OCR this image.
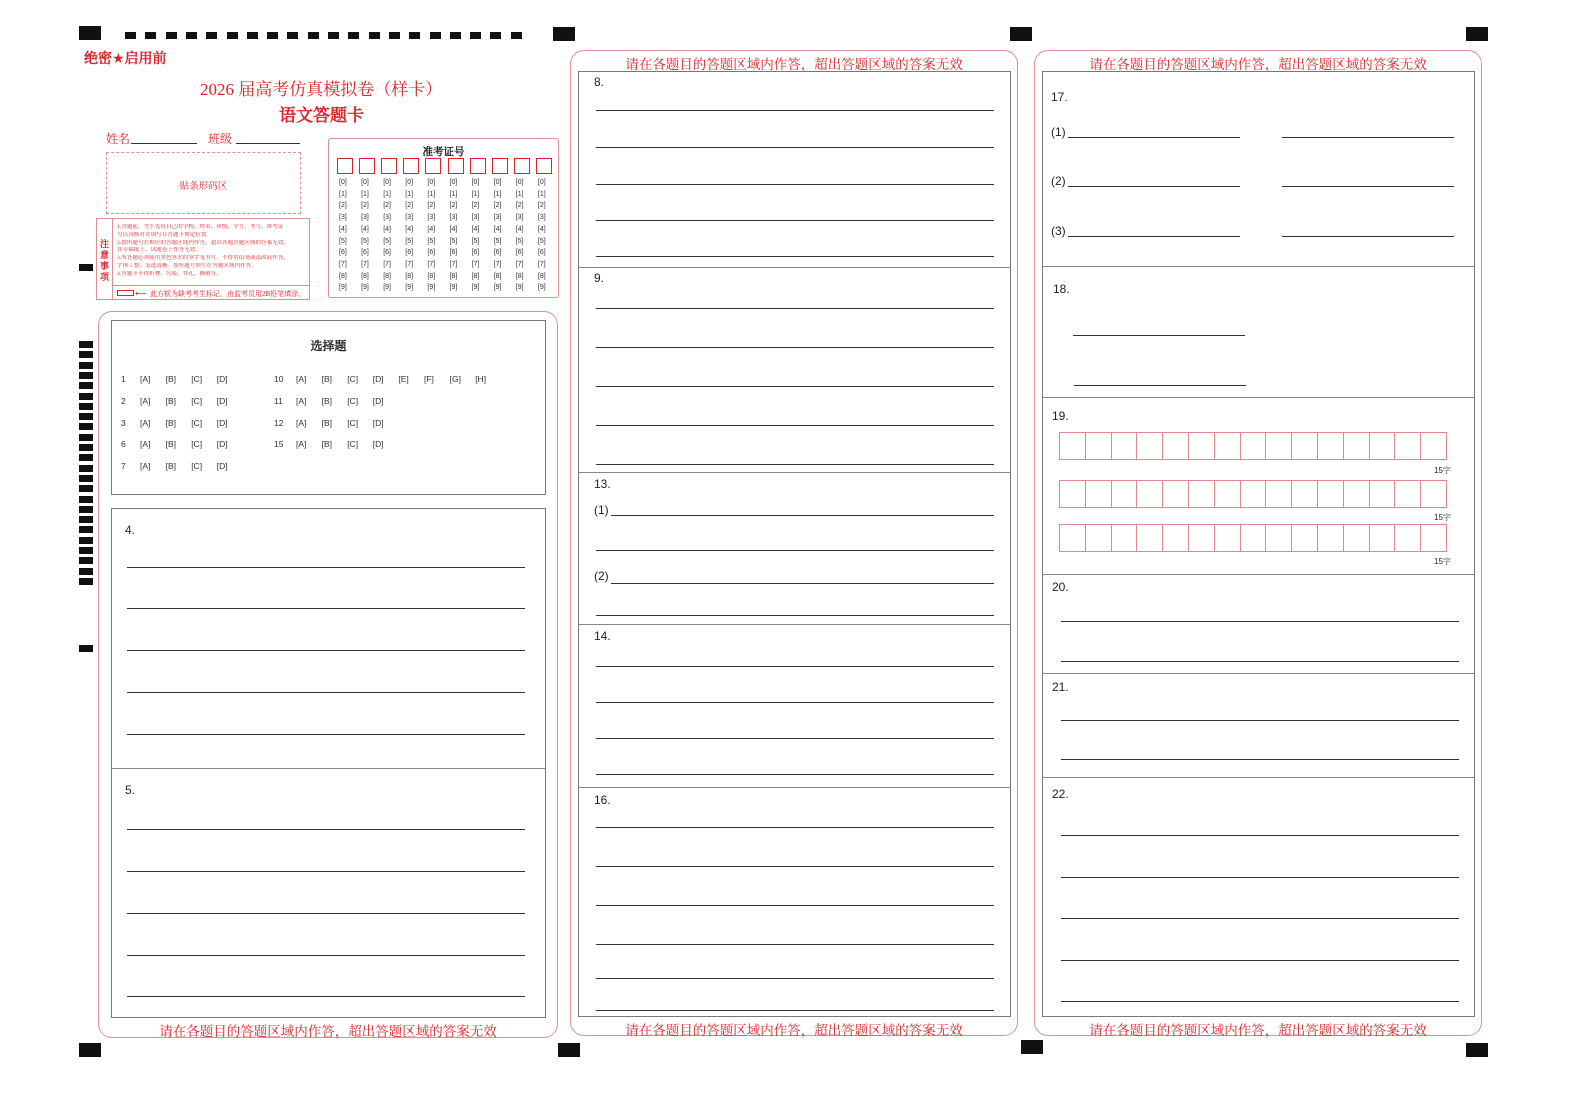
绝密★启用前
2026 届高考仿真模拟卷（样卡）
语文答题卡
姓名	班级
贴条形码区
注意事项
1.答题前，考生先将自己的学校、姓名、班级、学号、考号、准考证
号认真核对并填写在答题卡规定位置。
2.按所题号在相应的答题区域内作答，超出各题答题区域的答案无效，
在草稿纸上、试题卷上作答无效。
3.所答题必须使用黑色签水的签字笔书写，不得用铅笔或涂改液作答，
字体工整、笔迹清晰。按所题号填写在答题区域内作答。
4.答题卡不得折叠、污染、穿孔、撕破等。
⟵ 此方框为缺考考生标记，由监考员用2B铅笔填涂。
准考证号
[0]
[1]
[2]
[3]
[4]
[5]
[6]
[7]
[8]
[9]
[0]
[1]
[2]
[3]
[4]
[5]
[6]
[7]
[8]
[9]
[0]
[1]
[2]
[3]
[4]
[5]
[6]
[7]
[8]
[9]
[0]
[1]
[2]
[3]
[4]
[5]
[6]
[7]
[8]
[9]
[0]
[1]
[2]
[3]
[4]
[5]
[6]
[7]
[8]
[9]
[0]
[1]
[2]
[3]
[4]
[5]
[6]
[7]
[8]
[9]
[0]
[1]
[2]
[3]
[4]
[5]
[6]
[7]
[8]
[9]
[0]
[1]
[2]
[3]
[4]
[5]
[6]
[7]
[8]
[9]
[0]
[1]
[2]
[3]
[4]
[5]
[6]
[7]
[8]
[9]
[0]
[1]
[2]
[3]
[4]
[5]
[6]
[7]
[8]
[9]
选择题
1 [A] [B] [C] [D]
2 [A] [B] [C] [D]
3 [A] [B] [C] [D]
6 [A] [B] [C] [D]
7 [A] [B] [C] [D]
10 [A] [B] [C] [D] [E] [F] [G] [H]
11 [A] [B] [C] [D]
12 [A] [B] [C] [D]
15 [A] [B] [C] [D]
4.
5.
请在各题目的答题区域内作答，超出答题区域的答案无效
请在各题目的答题区域内作答，超出答题区域的答案无效
8.
9.
13.
(1)
(2)
14.
16.
请在各题目的答题区域内作答，超出答题区域的答案无效
请在各题目的答题区域内作答，超出答题区域的答案无效
17.
(1)
(2)
(3)
18.
19.
15字
15字
15字
20.
21.
22.
请在各题目的答题区域内作答，超出答题区域的答案无效
